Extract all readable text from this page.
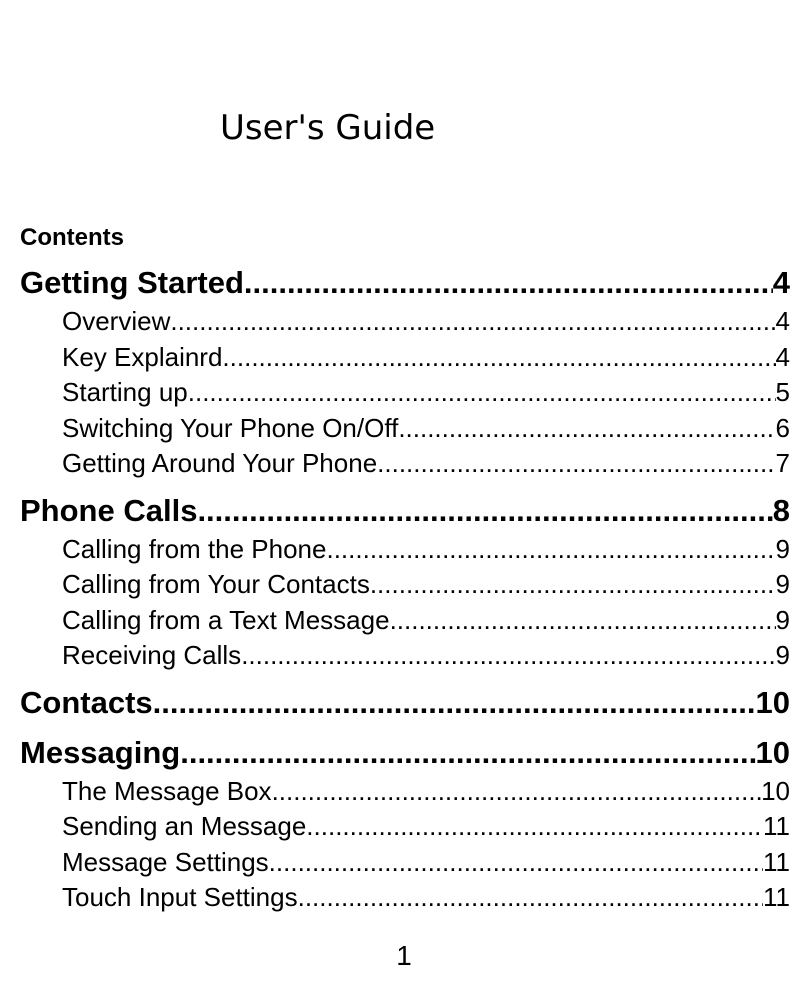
User's Guide
Contents
Getting Started .....	4
Overview .....	4
Key Explainrd .....	4
Starting up .....	5
Switching Your Phone On/Off .....	6
Getting Around Your Phone .....	7
Phone Calls .....	8
Calling from the Phone .....	9
Calling from Your Contacts .....	9
Calling from a Text Message .....	9
Receiving Calls .....	9
Contacts .....	10
Messaging .....	10
The Message Box .....	10
Sending an Message .....	11
Message Settings .....	11
Touch Input Settings .....	11
1
